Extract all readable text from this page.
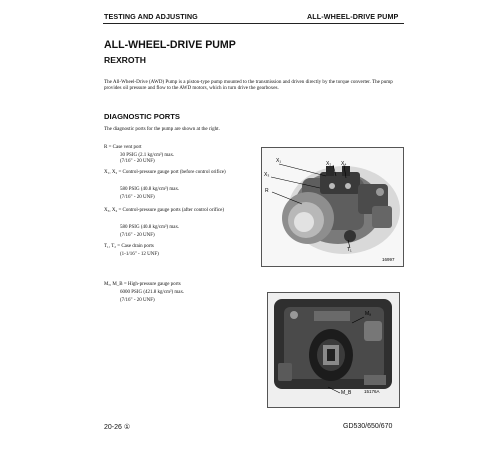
TESTING AND ADJUSTING	ALL-WHEEL-DRIVE PUMP
ALL-WHEEL-DRIVE PUMP
REXROTH
The All-Wheel-Drive (AWD) Pump is a piston-type pump mounted to the transmission and driven directly by the torque converter. The pump provides oil pressure and flow to the AWD motors, which in turn drive the gearboxes.
DIAGNOSTIC PORTS
The diagnostic ports for the pump are shown at the right.
R = Case vent port
30 PSIG (2.1 kg/cm²) max.
(7/16" - 20 UNF)
X₁, X₂ = Control-pressure gauge port (before control orifice)
580 PSIG (40.8 kg/cm²) max.
(7/16" - 20 UNF)
X₃, X₄ = Control-pressure gauge ports (after control orifice)
580 PSIG (40.8 kg/cm²) max.
(7/16" - 20 UNF)
T₁, T₂ = Case drain ports
(1-1/16" - 12 UNF)
Mₐ, M_B = High-pressure gauge ports
6000 PSIG (421.8 kg/cm²) max.
(7/16" - 20 UNF)
X₁	X₂ X₄
X₃
R
T₁
16997
Mₐ
M_B	15176A
20-26 ①	GD530/650/670
